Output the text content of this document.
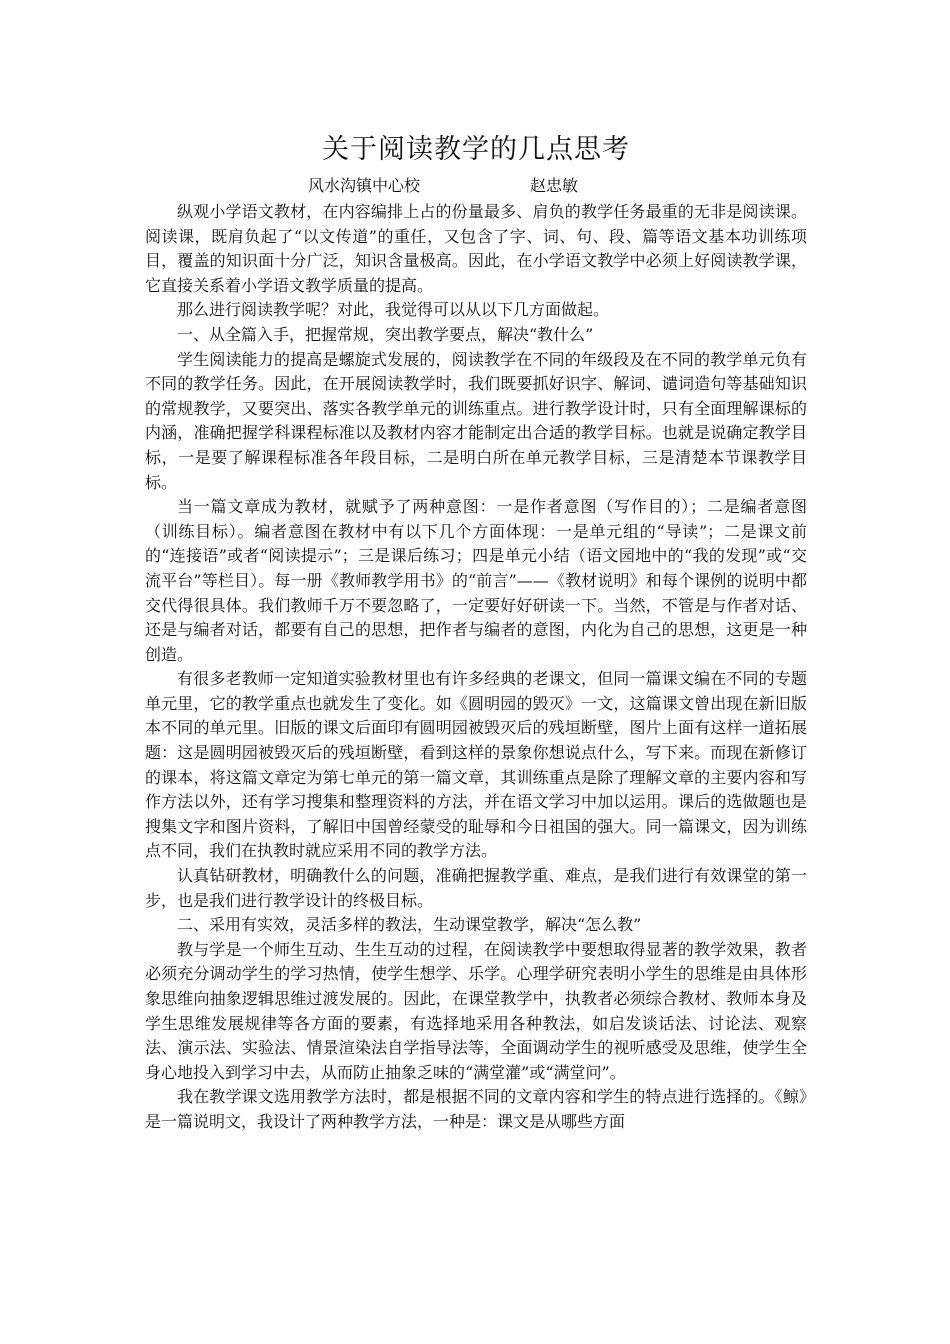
关于阅读教学的几点思考
风水沟镇中心校	赵忠敏

纵观小学语文教材，在内容编排上占的份量最多、肩负的教学任务最重的无非是阅读课。阅读课，既肩负起了“以文传道”的重任，又包含了字、词、句、段、篇等语文基本功训练项目，覆盖的知识面十分广泛，知识含量极高。因此，在小学语文教学中必须上好阅读教学课，它直接关系着小学语文教学质量的提高。

那么进行阅读教学呢？对此，我觉得可以从以下几方面做起。

一、从全篇入手，把握常规，突出教学要点，解决“教什么”

学生阅读能力的提高是螺旋式发展的，阅读教学在不同的年级段及在不同的教学单元负有不同的教学任务。因此，在开展阅读教学时，我们既要抓好识字、解词、谴词造句等基础知识的常规教学，又要突出、落实各教学单元的训练重点。进行教学设计时，只有全面理解课标的内涵，准确把握学科课程标准以及教材内容才能制定出合适的教学目标。也就是说确定教学目标，一是要了解课程标准各年段目标，二是明白所在单元教学目标，三是清楚本节课教学目标。

当一篇文章成为教材，就赋予了两种意图：一是作者意图（写作目的）；二是编者意图（训练目标）。编者意图在教材中有以下几个方面体现：一是单元组的“导读”；二是课文前的“连接语”或者“阅读提示”；三是课后练习；四是单元小结（语文园地中的“我的发现”或“交流平台”等栏目）。每一册《教师教学用书》的“前言”——《教材说明》和每个课例的说明中都交代得很具体。我们教师千万不要忽略了，一定要好好研读一下。当然，不管是与作者对话、还是与编者对话，都要有自己的思想，把作者与编者的意图，内化为自己的思想，这更是一种创造。

有很多老教师一定知道实验教材里也有许多经典的老课文，但同一篇课文编在不同的专题单元里，它的教学重点也就发生了变化。如《圆明园的毁灭》一文，这篇课文曾出现在新旧版本不同的单元里。旧版的课文后面印有圆明园被毁灭后的残垣断壁，图片上面有这样一道拓展题：这是圆明园被毁灭后的残垣断壁，看到这样的景象你想说点什么，写下来。而现在新修订的课本，将这篇文章定为第七单元的第一篇文章，其训练重点是除了理解文章的主要内容和写作方法以外，还有学习搜集和整理资料的方法，并在语文学习中加以运用。课后的选做题也是搜集文字和图片资料，了解旧中国曾经蒙受的耻辱和今日祖国的强大。同一篇课文，因为训练点不同，我们在执教时就应采用不同的教学方法。

认真钻研教材，明确教什么的问题，准确把握教学重、难点，是我们进行有效课堂的第一步，也是我们进行教学设计的终极目标。

二、采用有实效，灵活多样的教法，生动课堂教学，解决“怎么教”

教与学是一个师生互动、生生互动的过程，在阅读教学中要想取得显著的教学效果，教者必须充分调动学生的学习热情，使学生想学、乐学。心理学研究表明小学生的思维是由具体形象思维向抽象逻辑思维过渡发展的。因此，在课堂教学中，执教者必须综合教材、教师本身及学生思维发展规律等各方面的要素，有选择地采用各种教法，如启发谈话法、讨论法、观察法、演示法、实验法、情景渲染法自学指导法等，全面调动学生的视听感受及思维，使学生全身心地投入到学习中去，从而防止抽象乏味的“满堂灌”或“满堂问”。

我在教学课文选用教学方法时，都是根据不同的文章内容和学生的特点进行选择的。《鲸》是一篇说明文，我设计了两种教学方法，一种是：课文是从哪些方面
